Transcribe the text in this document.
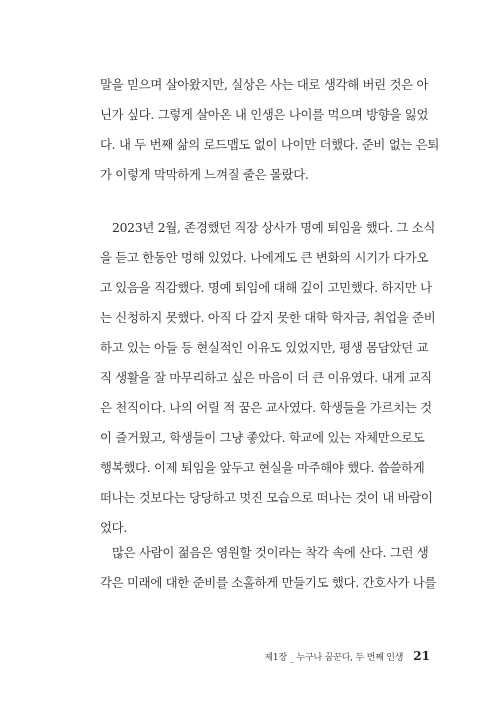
말을 믿으며 살아왔지만, 실상은 사는 대로 생각해 버린 것은 아
닌가 싶다. 그렇게 살아온 내 인생은 나이를 먹으며 방향을 잃었
다. 내 두 번째 삶의 로드맵도 없이 나이만 더했다. 준비 없는 은퇴
가 이렇게 막막하게 느껴질 줄은 몰랐다.
2023년 2월, 존경했던 직장 상사가 명예 퇴임을 했다. 그 소식
을 듣고 한동안 멍해 있었다. 나에게도 큰 변화의 시기가 다가오
고 있음을 직감했다. 명예 퇴임에 대해 깊이 고민했다. 하지만 나
는 신청하지 못했다. 아직 다 갚지 못한 대학 학자금, 취업을 준비
하고 있는 아들 등 현실적인 이유도 있었지만, 평생 몸담았던 교
직 생활을 잘 마무리하고 싶은 마음이 더 큰 이유였다. 내게 교직
은 천직이다. 나의 어릴 적 꿈은 교사였다. 학생들을 가르치는 것
이 즐거웠고, 학생들이 그냥 좋았다. 학교에 있는 자체만으로도
행복했다. 이제 퇴임을 앞두고 현실을 마주해야 했다. 씁쓸하게
떠나는 것보다는 당당하고 멋진 모습으로 떠나는 것이 내 바람이
었다.
많은 사람이 젊음은 영원할 것이라는 착각 속에 산다. 그런 생
각은 미래에 대한 준비를 소홀하게 만들기도 했다. 간호사가 나를
제1장 _ 누구나 꿈꾼다, 두 번째 인생 21
